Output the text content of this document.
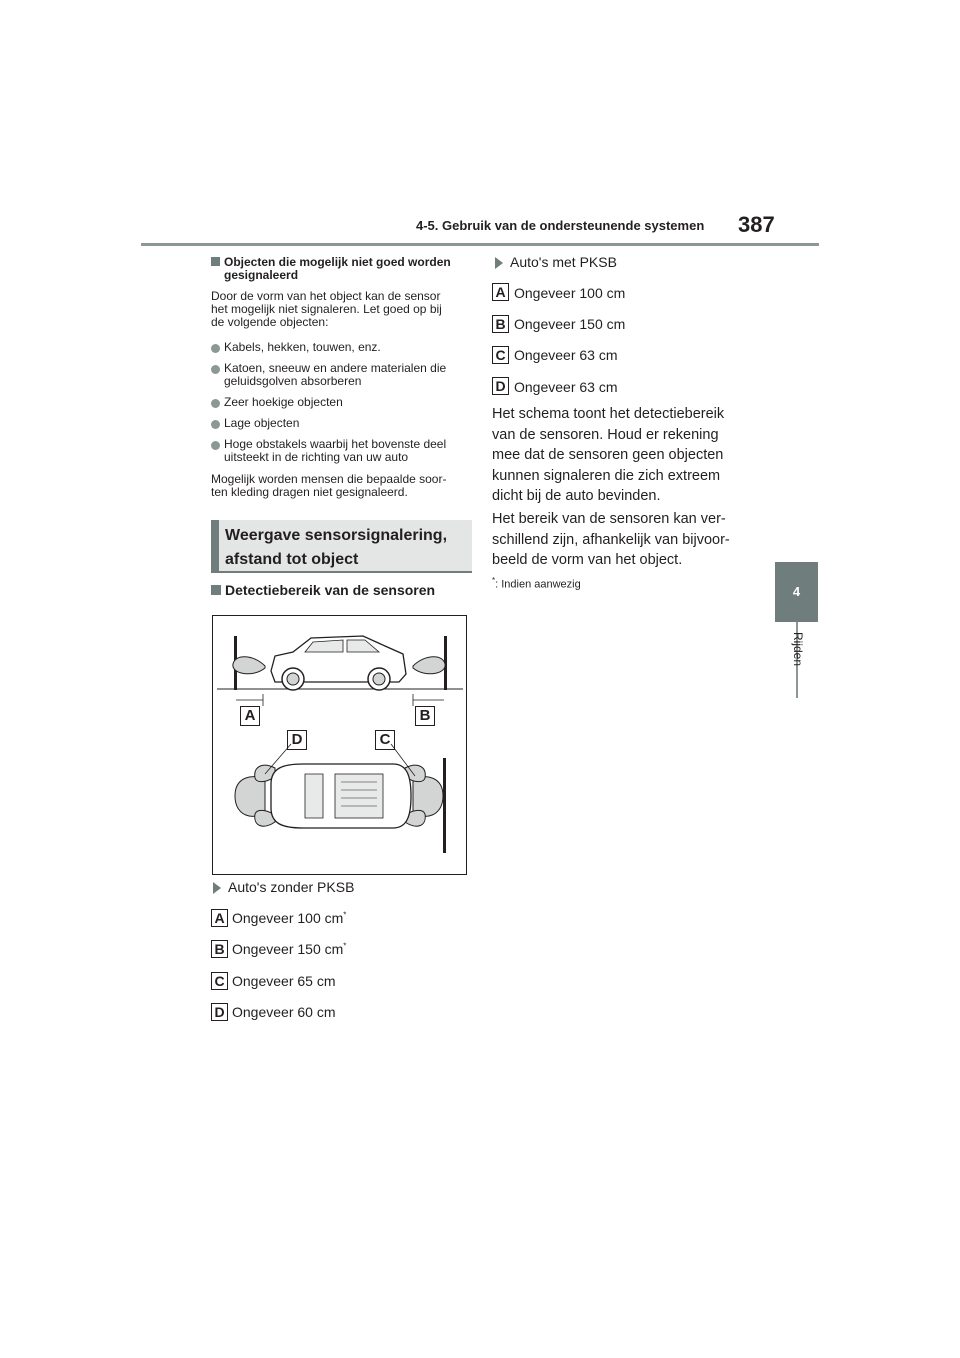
4-5. Gebruik van de ondersteunende systemen 387
4
Rijden
Objecten die mogelijk niet goed worden
gesignaleerd
Door de vorm van het object kan de sensor
het mogelijk niet signaleren. Let goed op bij
de volgende objecten:
Kabels, hekken, touwen, enz.
Katoen, sneeuw en andere materialen die
geluidsgolven absorberen
Zeer hoekige objecten
Lage objecten
Hoge obstakels waarbij het bovenste deel
uitsteekt in de richting van uw auto
Mogelijk worden mensen die bepaalde soor-
ten kleding dragen niet gesignaleerd.
Weergave sensorsignalering,
afstand tot object
Detectiebereik van de sensoren
A	B
D	C
Auto's zonder PKSB
A Ongeveer 100 cm*
B Ongeveer 150 cm*
C Ongeveer 65 cm
D Ongeveer 60 cm
Auto's met PKSB
A Ongeveer 100 cm
B Ongeveer 150 cm
C Ongeveer 63 cm
D Ongeveer 63 cm
Het schema toont het detectiebereik
van de sensoren. Houd er rekening
mee dat de sensoren geen objecten
kunnen signaleren die zich extreem
dicht bij de auto bevinden.
Het bereik van de sensoren kan ver-
schillend zijn, afhankelijk van bijvoor-
beeld de vorm van het object.
*: Indien aanwezig
